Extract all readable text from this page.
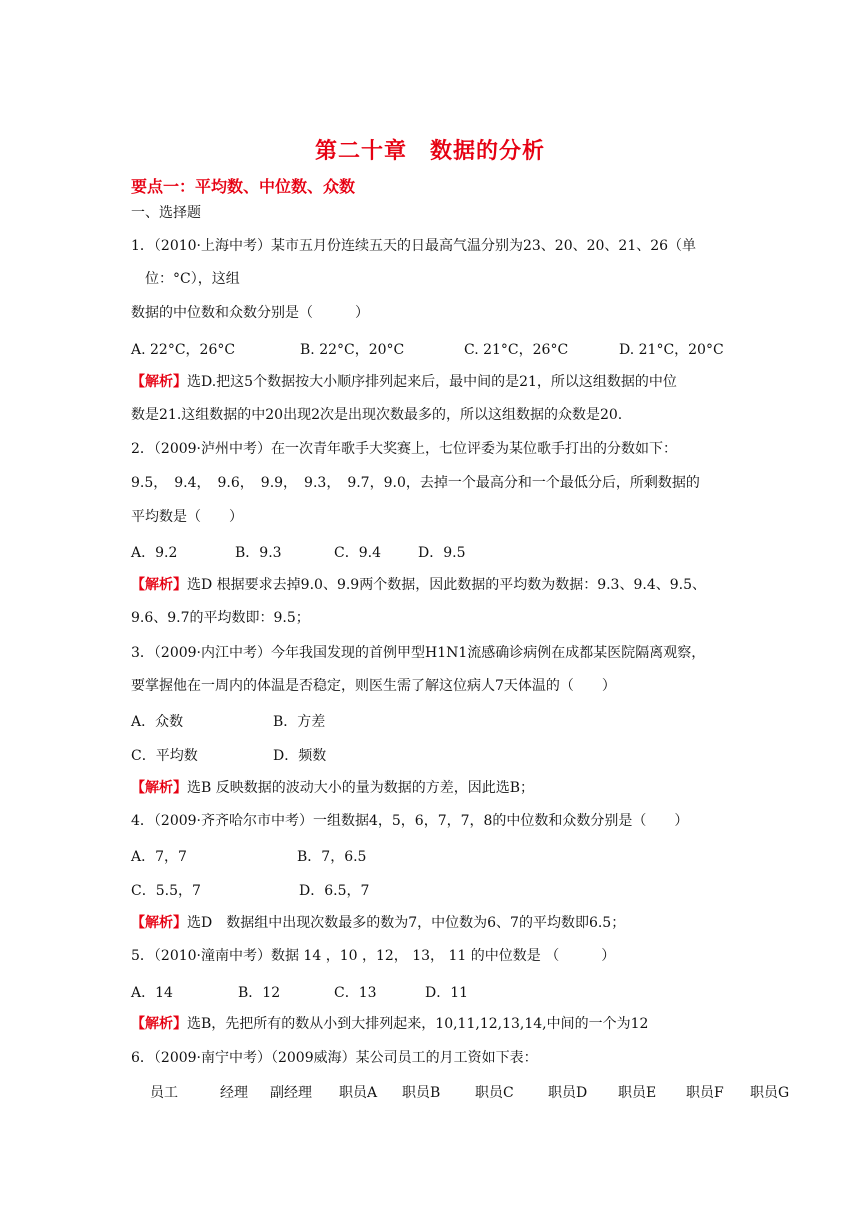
第二十章　数据的分析
要点一：平均数、中位数、众数
一、选择题
1．（2010·上海中考）某市五月份连续五天的日最高气温分别为23、20、20、21、26（单
位：°C），这组
数据的中位数和众数分别是（　　　）
A. 22°C，26°C	B. 22°C，20°C	C. 21°C，26°C	D. 21°C，20°C
【解析】选D.把这5个数据按大小顺序排列起来后，最中间的是21，所以这组数据的中位
数是21.这组数据的中20出现2次是出现次数最多的，所以这组数据的众数是20.
2．（2009·泸州中考）在一次青年歌手大奖赛上，七位评委为某位歌手打出的分数如下：
9.5，　9.4，　9.6，　9.9，　9.3，　9.7，9.0，去掉一个最高分和一个最低分后，所剩数据的
平均数是（　　）
A．9.2	B．9.3	C．9.4	D．9.5
【解析】选D 根据要求去掉9.0、9.9两个数据，因此数据的平均数为数据：9.3、9.4、9.5、
9.6、9.7的平均数即：9.5；
3．（2009·内江中考）今年我国发现的首例甲型H1N1流感确诊病例在成都某医院隔离观察，
要掌握他在一周内的体温是否稳定，则医生需了解这位病人7天体温的（　　）
A．众数	B．方差
C．平均数	D．频数
【解析】选B 反映数据的波动大小的量为数据的方差，因此选B；
4．（2009·齐齐哈尔市中考）一组数据4，5，6，7，7，8的中位数和众数分别是（　　）
A．7，7	B．7，6.5
C．5.5，7	D．6.5，7
【解析】选D　数据组中出现次数最多的数为7，中位数为6、7的平均数即6.5；
5．（2010·潼南中考）数据 14 ，10 ，12， 13， 11 的中位数是 （　　　）
A．14	B．12	C．13	D．11
【解析】选B，先把所有的数从小到大排列起来，10,11,12,13,14,中间的一个为12
6．（2009·南宁中考）（2009威海）某公司员工的月工资如下表：
员工	经理 副经理 职员A 职员B 职员C 职员D 职员E 职员F 职员G
